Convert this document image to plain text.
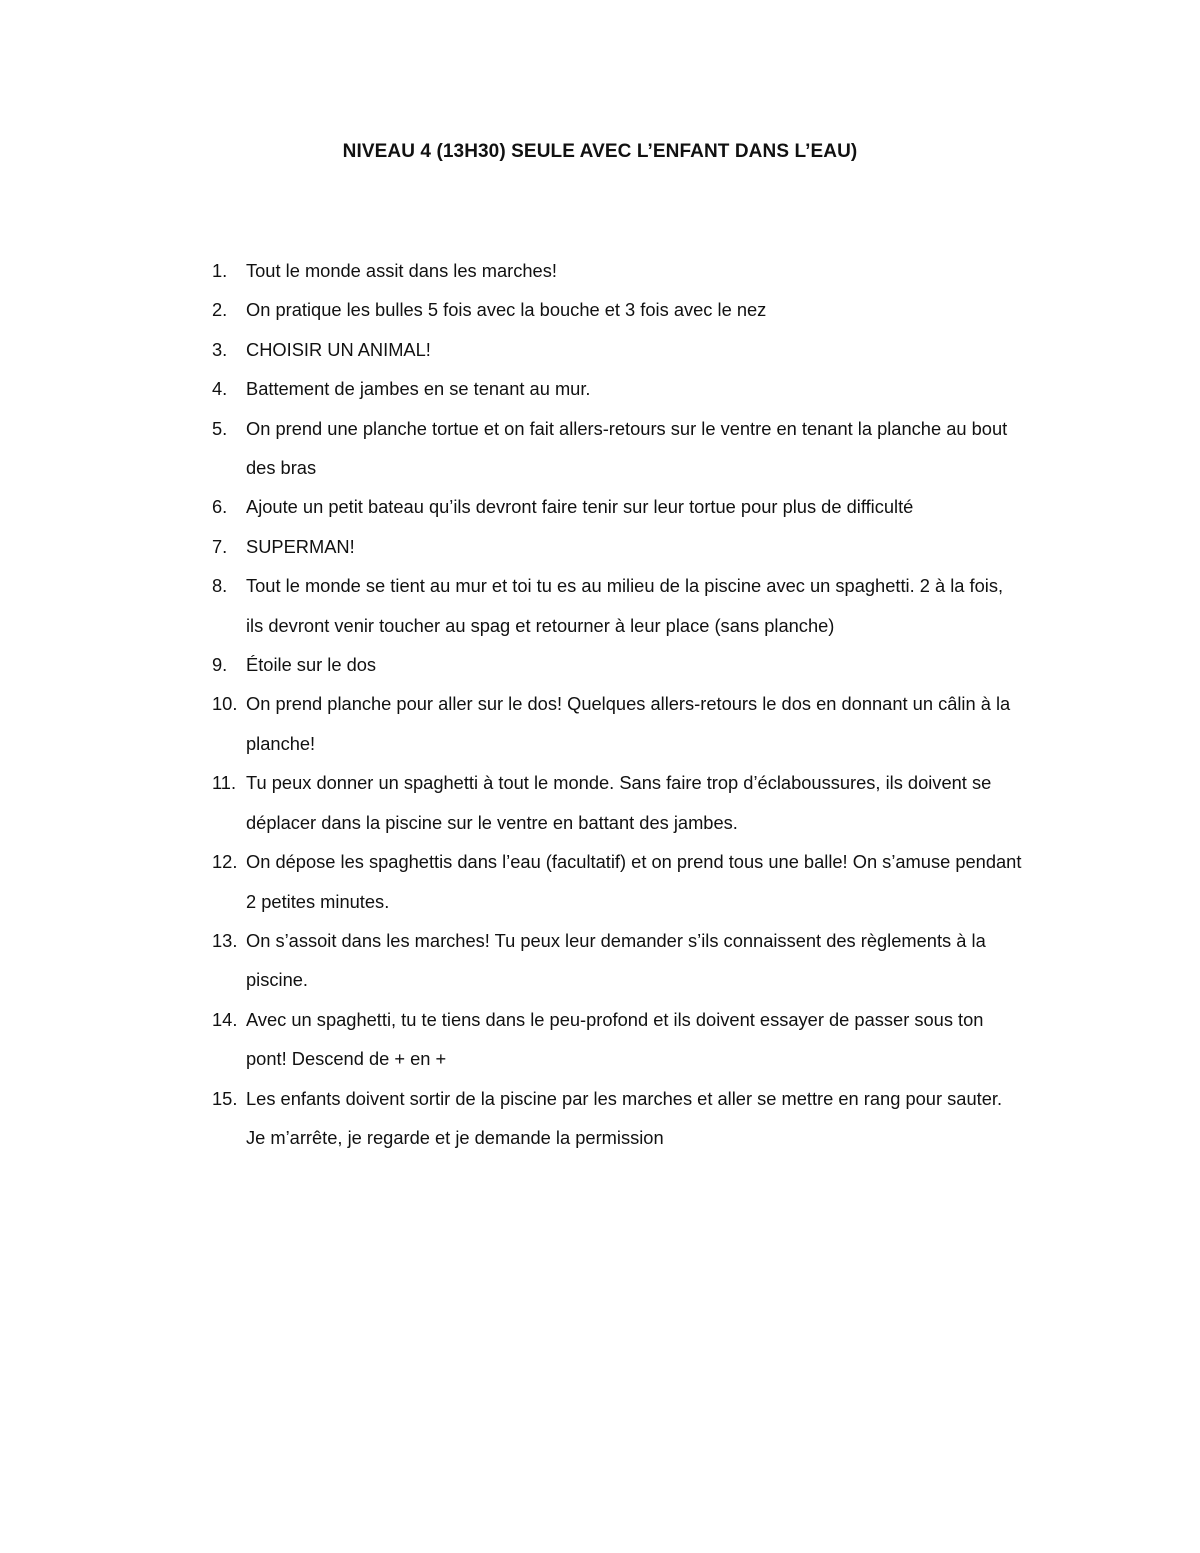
NIVEAU 4 (13H30) SEULE AVEC L’ENFANT DANS L’EAU)
1. Tout le monde assit dans les marches!
2. On pratique les bulles 5 fois avec la bouche et 3 fois avec le nez
3. CHOISIR UN ANIMAL!
4. Battement de jambes en se tenant au mur.
5. On prend une planche tortue et on fait allers-retours sur le ventre en tenant la planche au bout des bras
6. Ajoute un petit bateau qu’ils devront faire tenir sur leur tortue pour plus de difficulté
7. SUPERMAN!
8. Tout le monde se tient au mur et toi tu es au milieu de la piscine avec un spaghetti. 2 à la fois, ils devront venir toucher au spag et retourner à leur place (sans planche)
9. Étoile sur le dos
10. On prend planche pour aller sur le dos! Quelques allers-retours le dos en donnant un câlin à la planche!
11. Tu peux donner un spaghetti à tout le monde. Sans faire trop d’éclaboussures, ils doivent se déplacer dans la piscine sur le ventre en battant des jambes.
12. On dépose les spaghettis dans l’eau (facultatif) et on prend tous une balle! On s’amuse pendant 2 petites minutes.
13. On s’assoit dans les marches! Tu peux leur demander s’ils connaissent des règlements à la piscine.
14. Avec un spaghetti, tu te tiens dans le peu-profond et ils doivent essayer de passer sous ton pont! Descend de + en +
15. Les enfants doivent sortir de la piscine par les marches et aller se mettre en rang pour sauter. Je m’arrête, je regarde et je demande la permission
